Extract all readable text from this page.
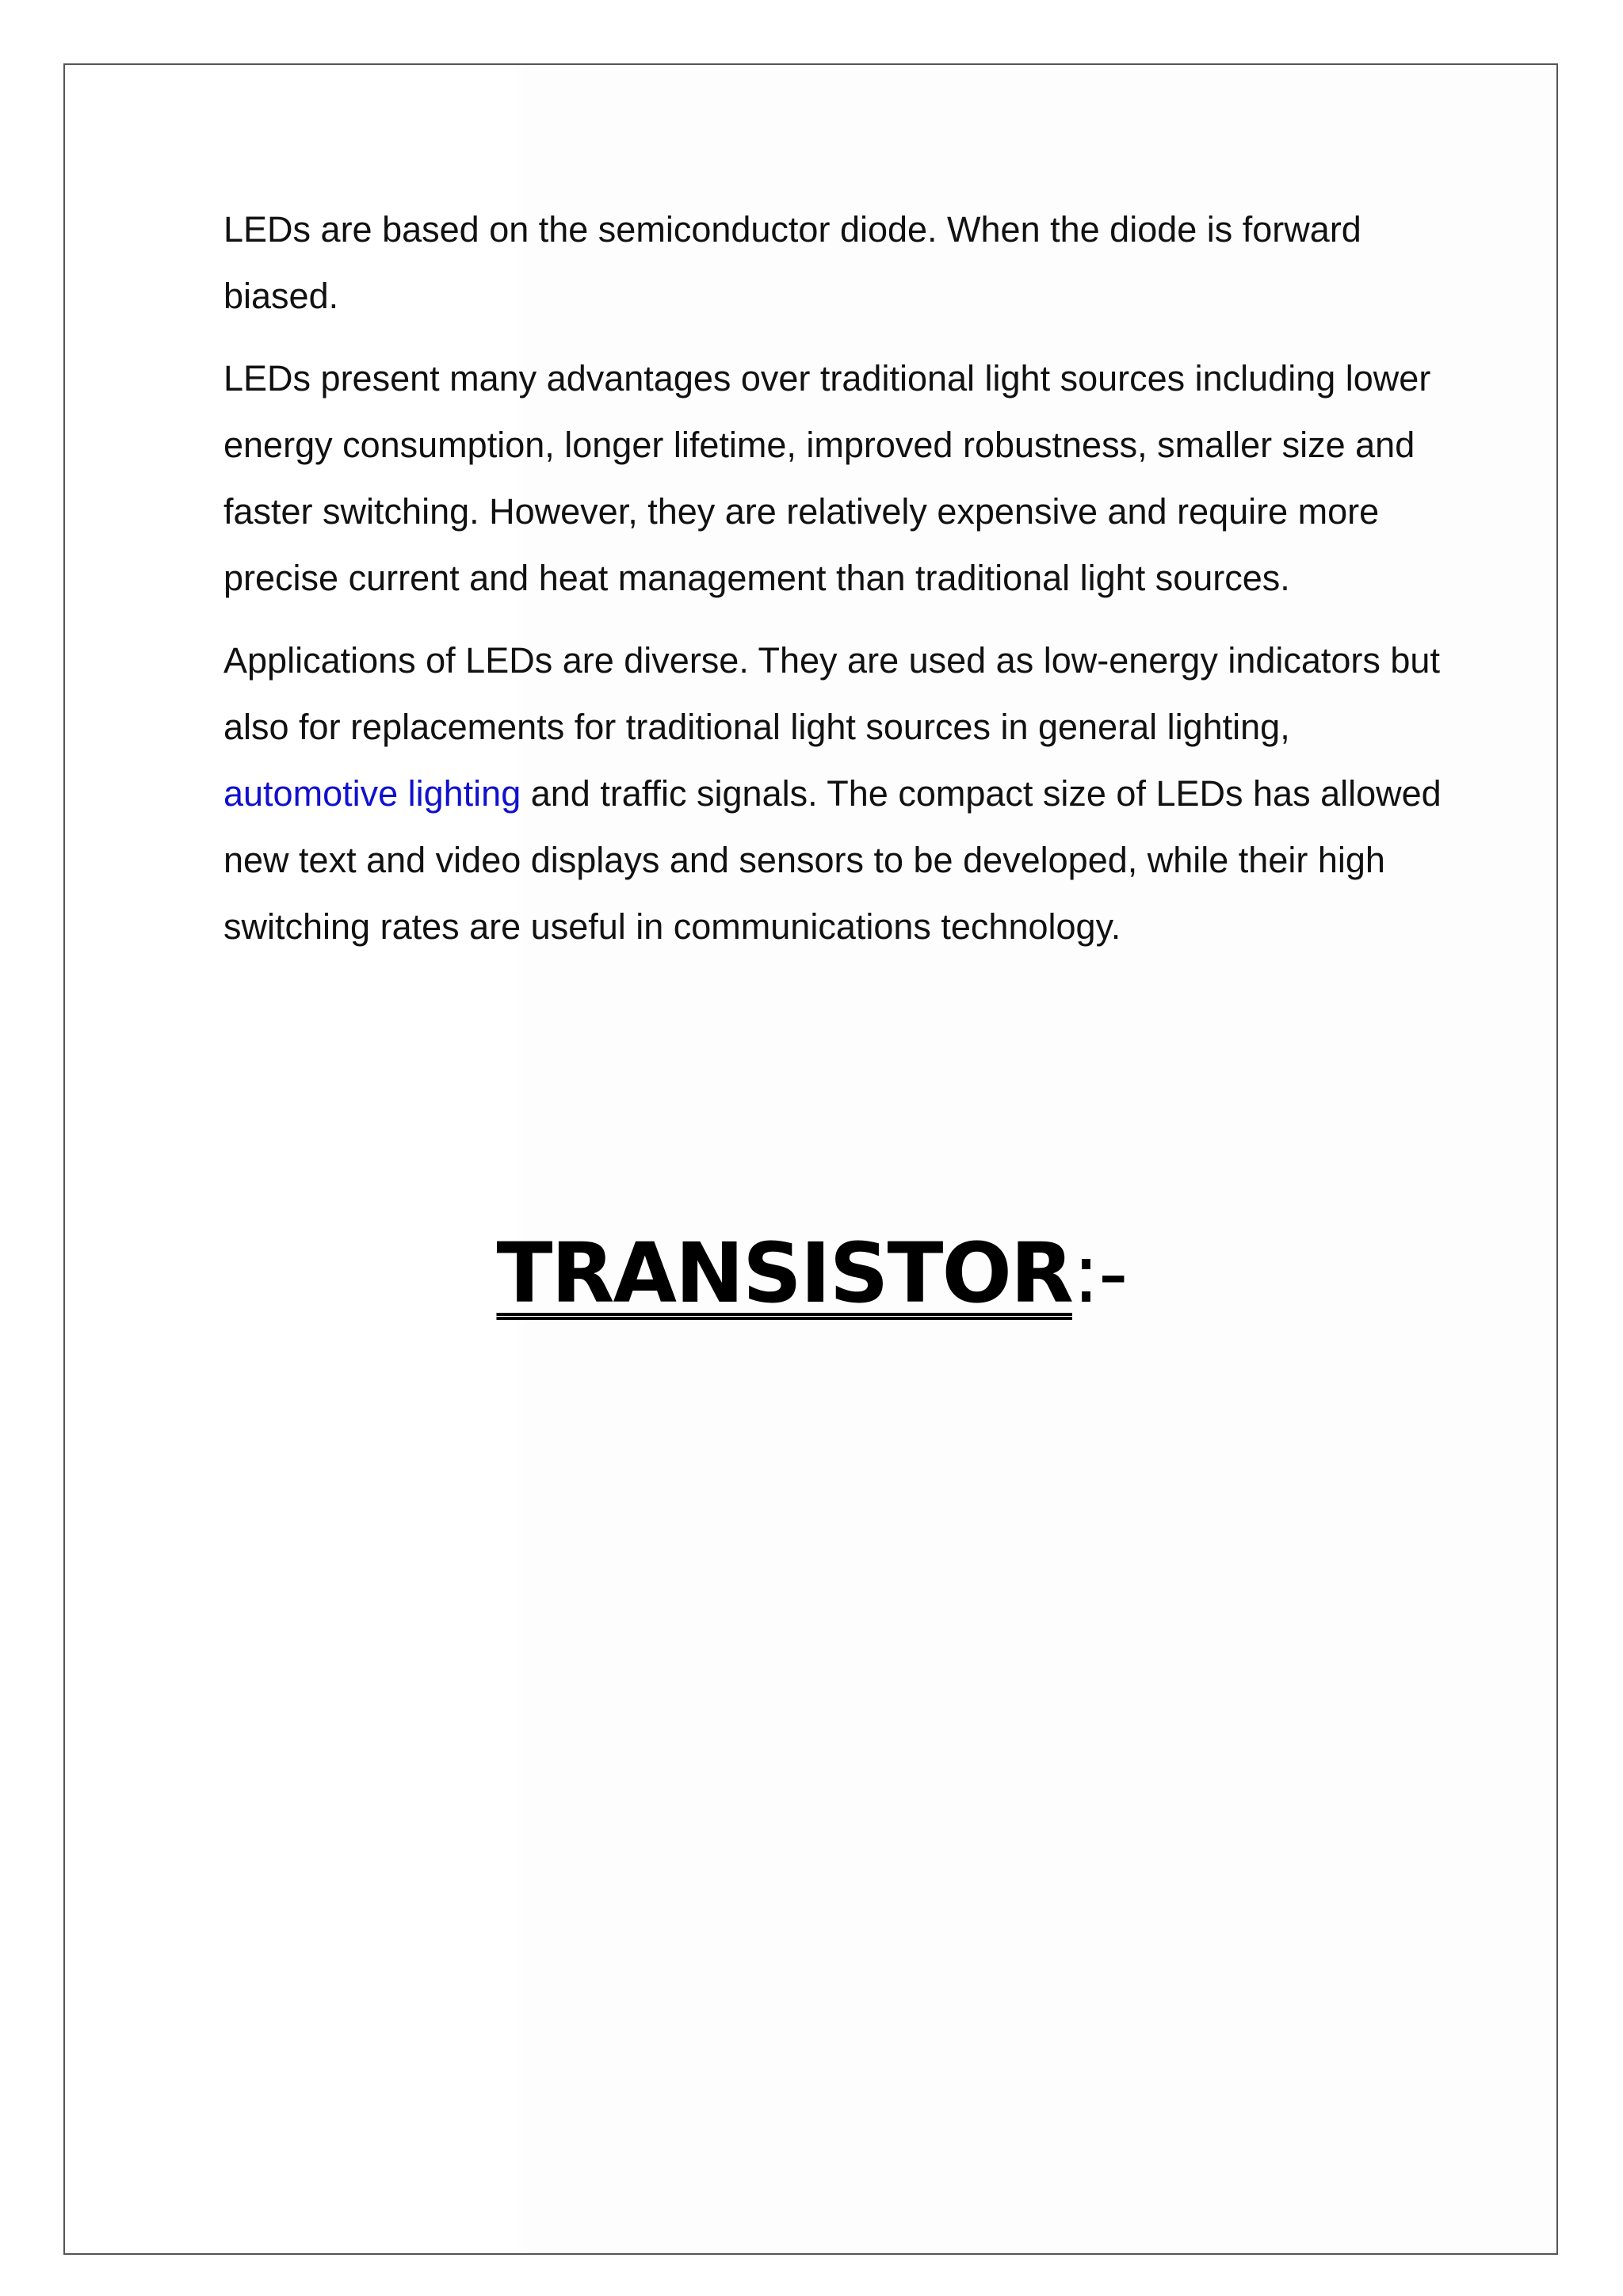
LEDs are based on the semiconductor diode. When the diode is forward biased.

LEDs present many advantages over traditional light sources including lower energy consumption, longer lifetime, improved robustness, smaller size and faster switching. However, they are relatively expensive and require more precise current and heat management than traditional light sources.

Applications of LEDs are diverse. They are used as low-energy indicators but also for replacements for traditional light sources in general lighting, automotive lighting and traffic signals. The compact size of LEDs has allowed new text and video displays and sensors to be developed, while their high switching rates are useful in communications technology.

TRANSISTOR:-
